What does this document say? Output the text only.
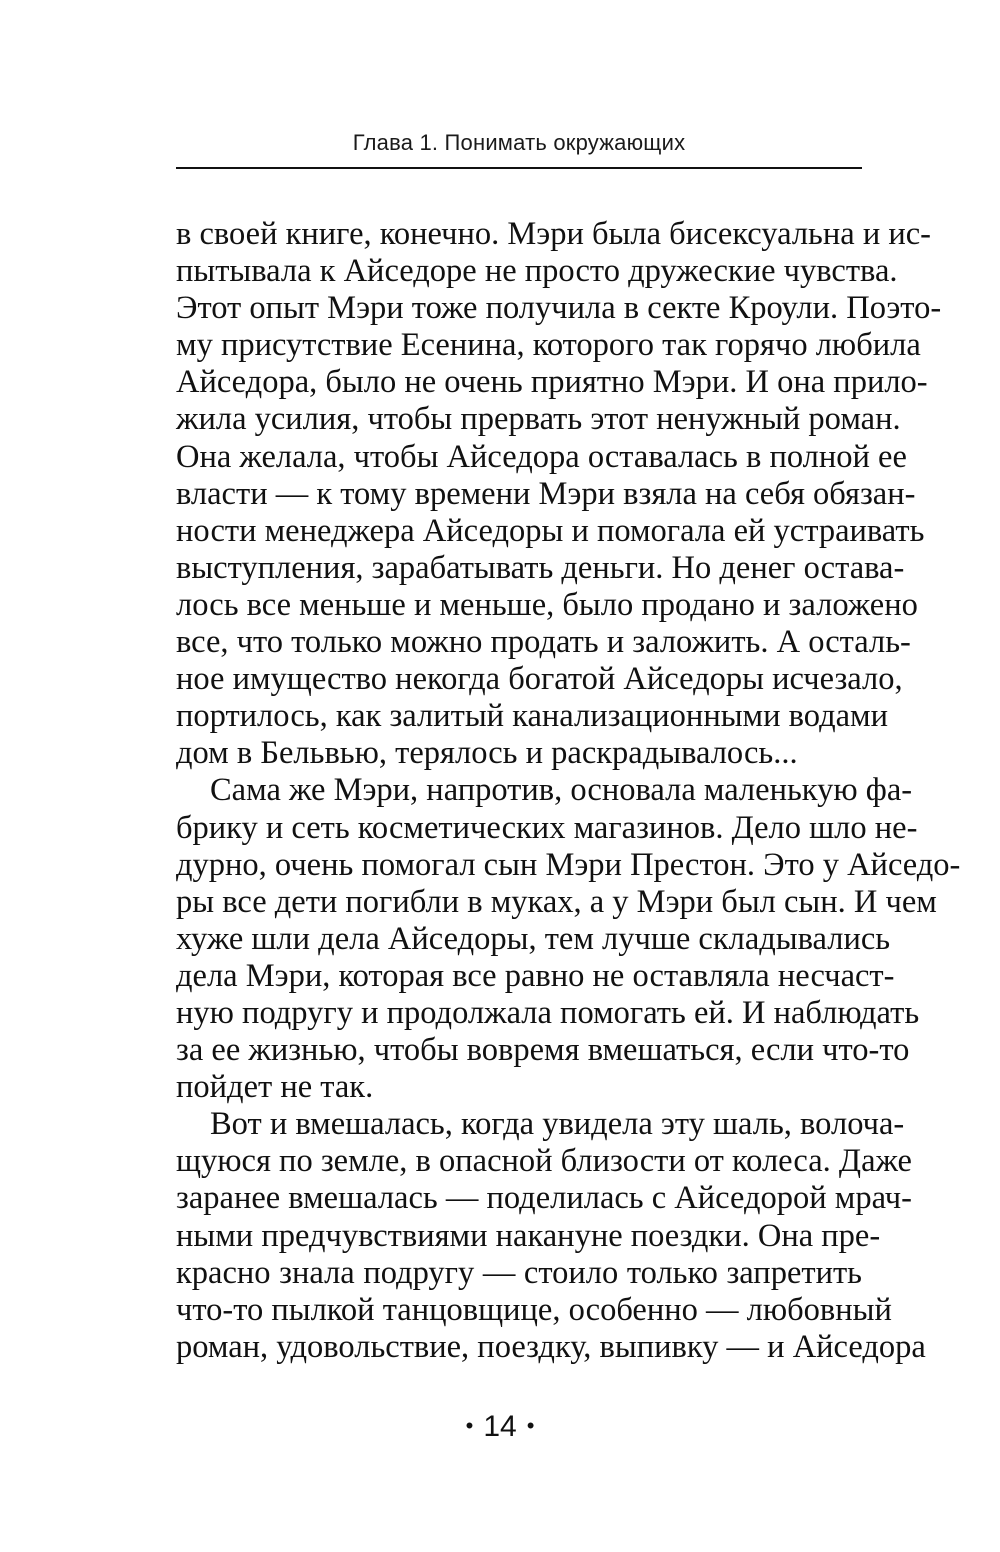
Глава 1. Понимать окружающих
в своей книге, конечно. Мэри была бисексуальна и ис-
пытывала к Айседоре не просто дружеские чувства.
Этот опыт Мэри тоже получила в секте Кроули. Поэто-
му присутствие Есенина, которого так горячо любила
Айседора, было не очень приятно Мэри. И она прило-
жила усилия, чтобы прервать этот ненужный роман.
Она желала, чтобы Айседора оставалась в полной ее
власти — к тому времени Мэри взяла на себя обязан-
ности менеджера Айседоры и помогала ей устраивать
выступления, зарабатывать деньги. Но денег остава-
лось все меньше и меньше, было продано и заложено
все, что только можно продать и заложить. А осталь-
ное имущество некогда богатой Айседоры исчезало,
портилось, как залитый канализационными водами
дом в Бельвью, терялось и раскрадывалось...
Сама же Мэри, напротив, основала маленькую фа-
брику и сеть косметических магазинов. Дело шло не-
дурно, очень помогал сын Мэри Престон. Это у Айседо-
ры все дети погибли в муках, а у Мэри был сын. И чем
хуже шли дела Айседоры, тем лучше складывались
дела Мэри, которая все равно не оставляла несчаст-
ную подругу и продолжала помогать ей. И наблюдать
за ее жизнью, чтобы вовремя вмешаться, если что-то
пойдет не так.
Вот и вмешалась, когда увидела эту шаль, волоча-
щуюся по земле, в опасной близости от колеса. Даже
заранее вмешалась — поделилась с Айседорой мрач-
ными предчувствиями накануне поездки. Она пре-
красно знала подругу — стоило только запретить
что-то пылкой танцовщице, особенно — любовный
роман, удовольствие, поездку, выпивку — и Айседора
• 14 •
